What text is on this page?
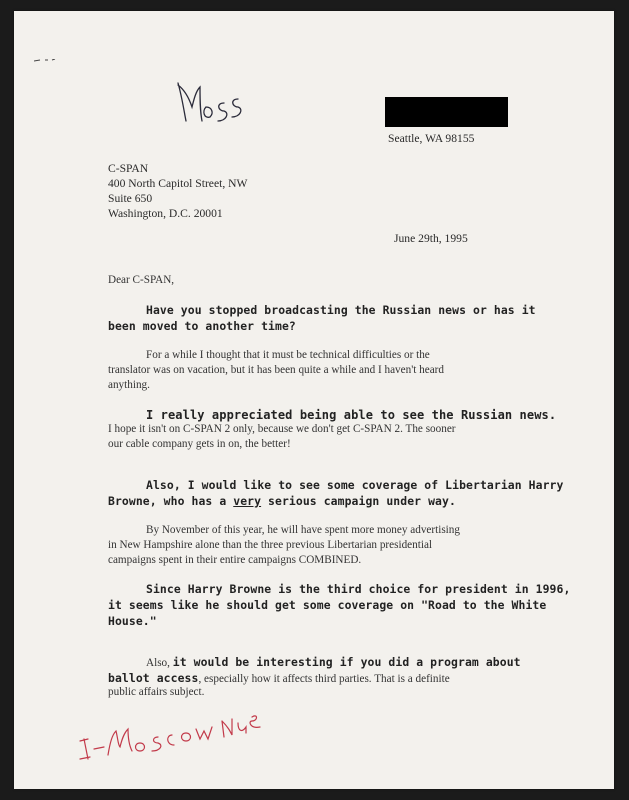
Mos
Seattle, WA 98155
C-SPAN
400 North Capitol Street, NW
Suite 650
Washington, D.C. 20001
June 29th, 1995
Dear C-SPAN,
Have you stopped broadcasting the Russian news or has it
been moved to another time?
For a while I thought that it must be technical difficulties or the
translator was on vacation, but it has been quite a while and I haven't heard
anything.
I really appreciated being able to see the Russian news.
I hope it isn't on C-SPAN 2 only, because we don't get C-SPAN 2. The sooner
our cable company gets in on, the better!
Also, I would like to see some coverage of Libertarian Harry
Browne, who has a very serious campaign under way.
By November of this year, he will have spent more money advertising
in New Hampshire alone than the three previous Libertarian presidential
campaigns spent in their entire campaigns COMBINED.
Since Harry Browne is the third choice for president in 1996,
it seems like he should get some coverage on "Road to the White
House."
Also, it would be interesting if you did a program about
ballot access, especially how it affects third parties. That is a definite
public affairs subject.
I-Moscow News
